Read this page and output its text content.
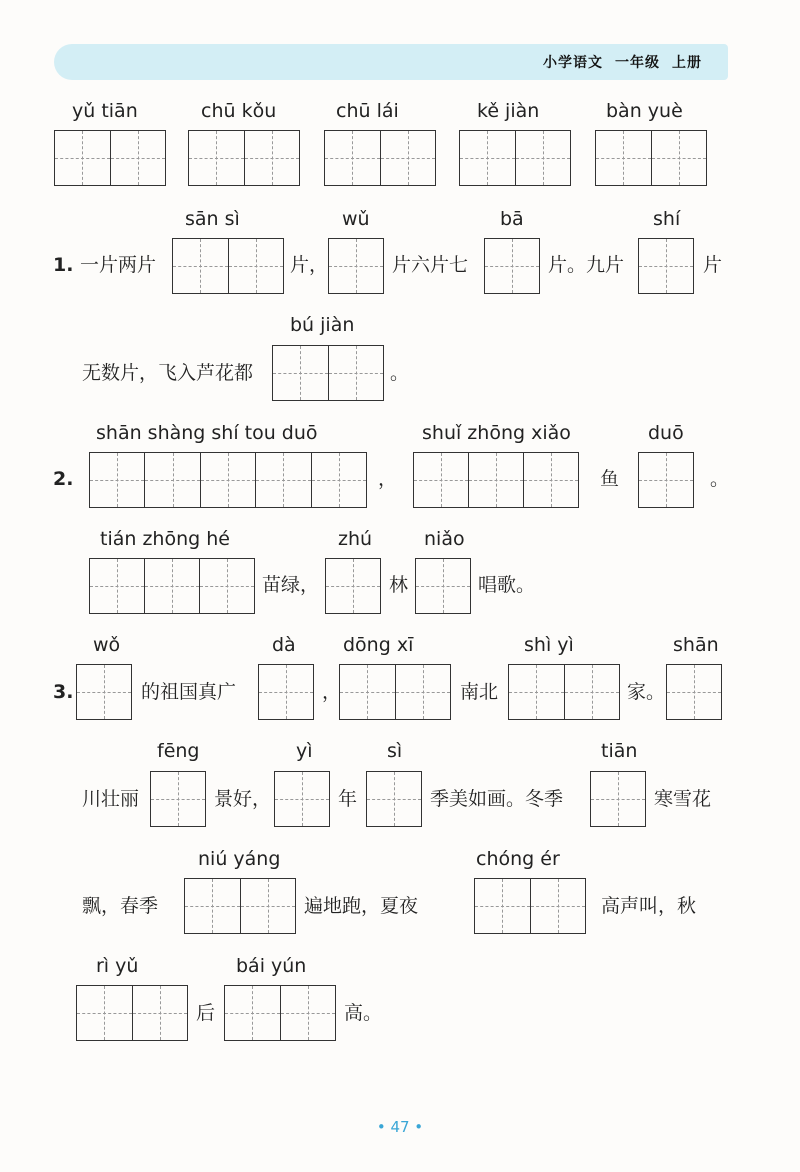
小学语文 一年级 上册
yǔ tiān	chū kǒu	chū lái	kě jiàn	bàn yuè
sān sì	wǔ	bā	shí
1. 一片两片	片，	片六片七	片。九片	片
bú jiàn
无数片，飞入芦花都	。
shān shàng shí tou duō	shuǐ zhōng xiǎo	duō
2.	，	鱼	。
tián zhōng hé	zhú	niǎo
苗绿，	林	唱歌。
wǒ	dà dōng xī	shì yì	shān
3.	的祖国真广	，	南北	家。
fēng	yì	sì	tiān
川壮丽	景好，	年	季美如画。冬季	寒雪花
niú yáng	chóng ér
飘，春季	遍地跑，夏夜	高声叫，秋
rì yǔ	bái yún
后	高。
• 47 •
